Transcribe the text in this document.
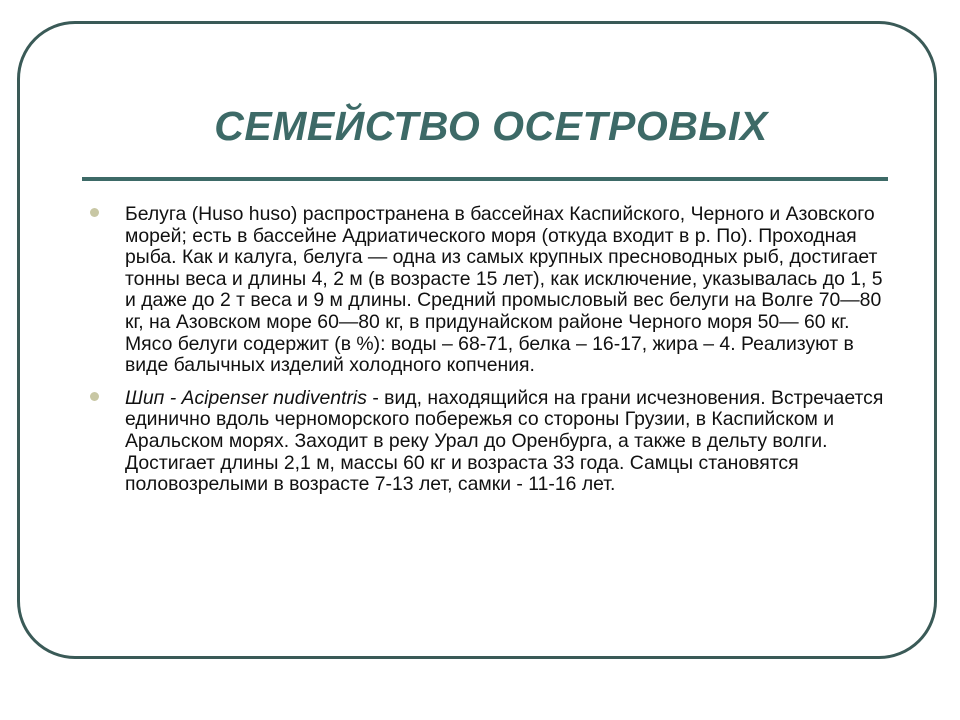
СЕМЕЙСТВО ОСЕТРОВЫХ

Белуга (Huso huso) распространена в бассейнах Каспийского, Черного и Азовского морей; есть в бассейне Адриатического моря (откуда входит в р. По). Проходная рыба. Как и калуга, белуга — одна из самых крупных пресноводных рыб, достигает тонны веса и длины 4, 2 м (в возрасте 15 лет), как исключение, указывалась до 1, 5 и даже до 2 т веса и 9 м длины. Средний промысловый вес белуги на Волге 70—80 кг, на Азовском море 60—80 кг, в придунайском районе Черного моря 50— 60 кг. Мясо белуги содержит (в %): воды – 68-71, белка – 16-17, жира – 4. Реализуют в виде балычных изделий холодного копчения.

Шип - Acipenser nudiventris - вид, находящийся на грани исчезновения. Встречается единично вдоль черноморского побережья со стороны Грузии, в Каспийском и Аральском морях. Заходит в реку Урал до Оренбурга, а также в дельту волги. Достигает длины 2,1 м, массы 60 кг и возраста 33 года. Самцы становятся половозрелыми в возрасте 7-13 лет, самки - 11-16 лет.
